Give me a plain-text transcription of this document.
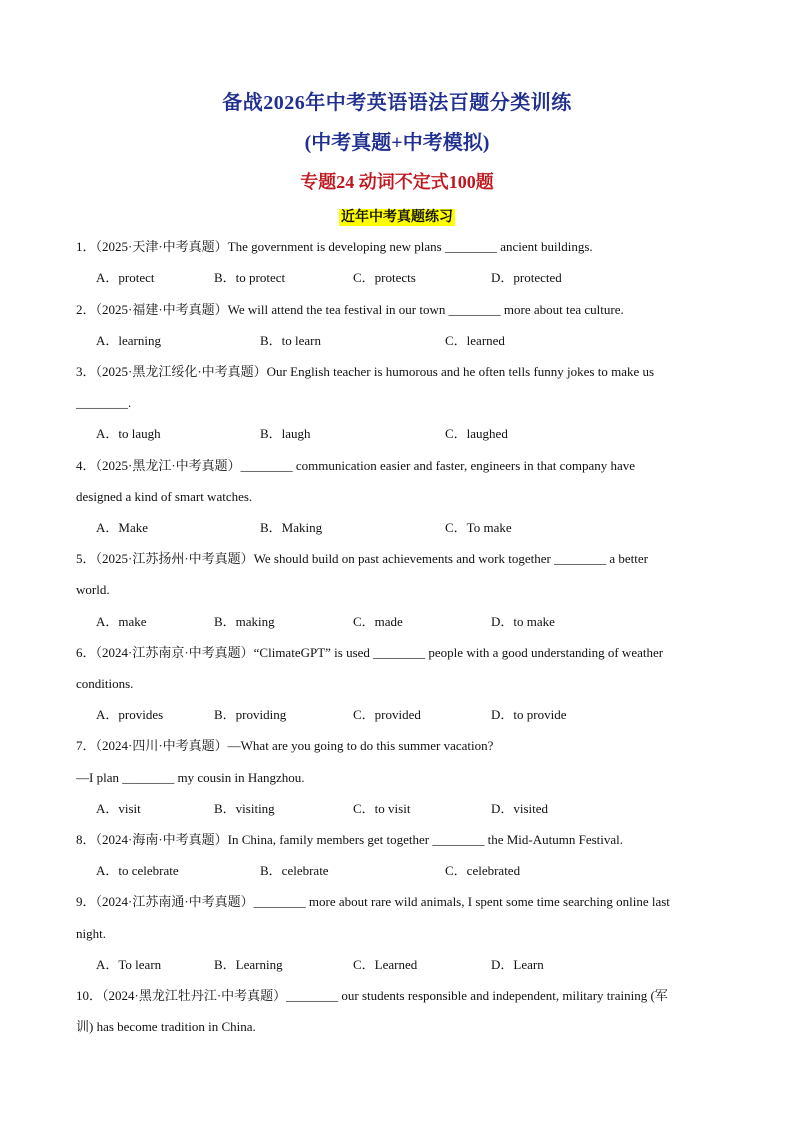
备战2026年中考英语语法百题分类训练
(中考真题+中考模拟)
专题24 动词不定式100题
近年中考真题练习
1．（2025·天津·中考真题）The government is developing new plans ________ ancient buildings.
A．protect	B．to protect	C．protects	D．protected
2．（2025·福建·中考真题）We will attend the tea festival in our town ________ more about tea culture.
A．learning	B．to learn	C．learned
3．（2025·黑龙江绥化·中考真题）Our English teacher is humorous and he often tells funny jokes to make us
________.
A．to laugh	B．laugh	C．laughed
4．（2025·黑龙江·中考真题）________ communication easier and faster, engineers in that company have
designed a kind of smart watches.
A．Make	B．Making	C．To make
5．（2025·江苏扬州·中考真题）We should build on past achievements and work together ________ a better
world.
A．make	B．making	C．made	D．to make
6．（2024·江苏南京·中考真题）“ClimateGPT” is used ________ people with a good understanding of weather
conditions.
A．provides	B．providing	C．provided	D．to provide
7．（2024·四川·中考真题）—What are you going to do this summer vacation?
—I plan ________ my cousin in Hangzhou.
A．visit	B．visiting	C．to visit	D．visited
8．（2024·海南·中考真题）In China, family members get together ________ the Mid-Autumn Festival.
A．to celebrate	B．celebrate	C．celebrated
9．（2024·江苏南通·中考真题）________ more about rare wild animals, I spent some time searching online last
night.
A．To learn	B．Learning	C．Learned	D．Learn
10．（2024·黑龙江牡丹江·中考真题）________ our students responsible and independent, military training (军
训) has become tradition in China.
